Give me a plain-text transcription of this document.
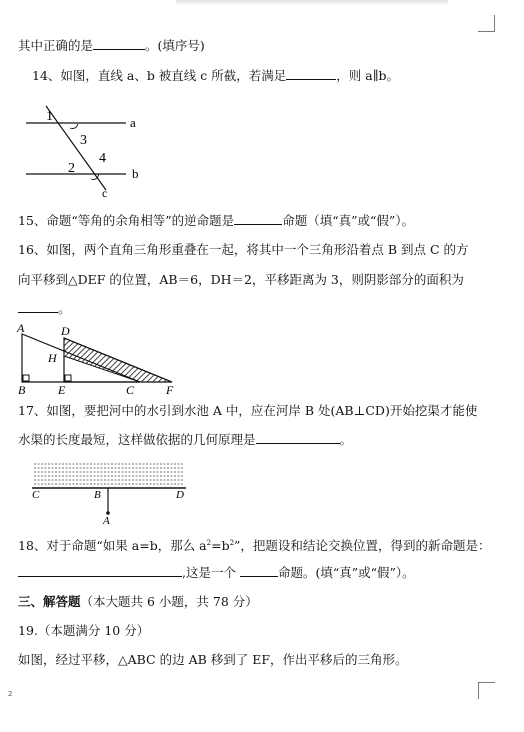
其中正确的是	。(填序号)
14、如图，直线 a、b 被直线 c 所截，若满足	，则 a∥b。
1
3
2
4
a
b
c
15、命题“等角的余角相等”的逆命题是	命题（填“真”或“假”）。
16、如图，两个直角三角形重叠在一起，将其中一个三角形沿着点 B 到点 C 的方
向平移到△DEF 的位置，AB＝6，DH＝2，平移距离为 3，则阴影部分的面积为
。
A	D
H
B	E	C	F
17、如图，要把河中的水引到水池 A 中，应在河岸 B 处(AB⊥CD)开始挖渠才能使
水渠的长度最短，这样做依据的几何原理是	。
C	B	D
A
18、对于命题“如果 a=b，那么 $a^2=b^2$”，把题设和结论交换位置，得到的新命题是：
,这是一个	命题。(填“真”或“假”）。
三、解答题（本大题共 6 小题，共 78 分）
19.（本题满分 10 分）
如图，经过平移，△ABC 的边 AB 移到了 EF，作出平移后的三角形。
2
